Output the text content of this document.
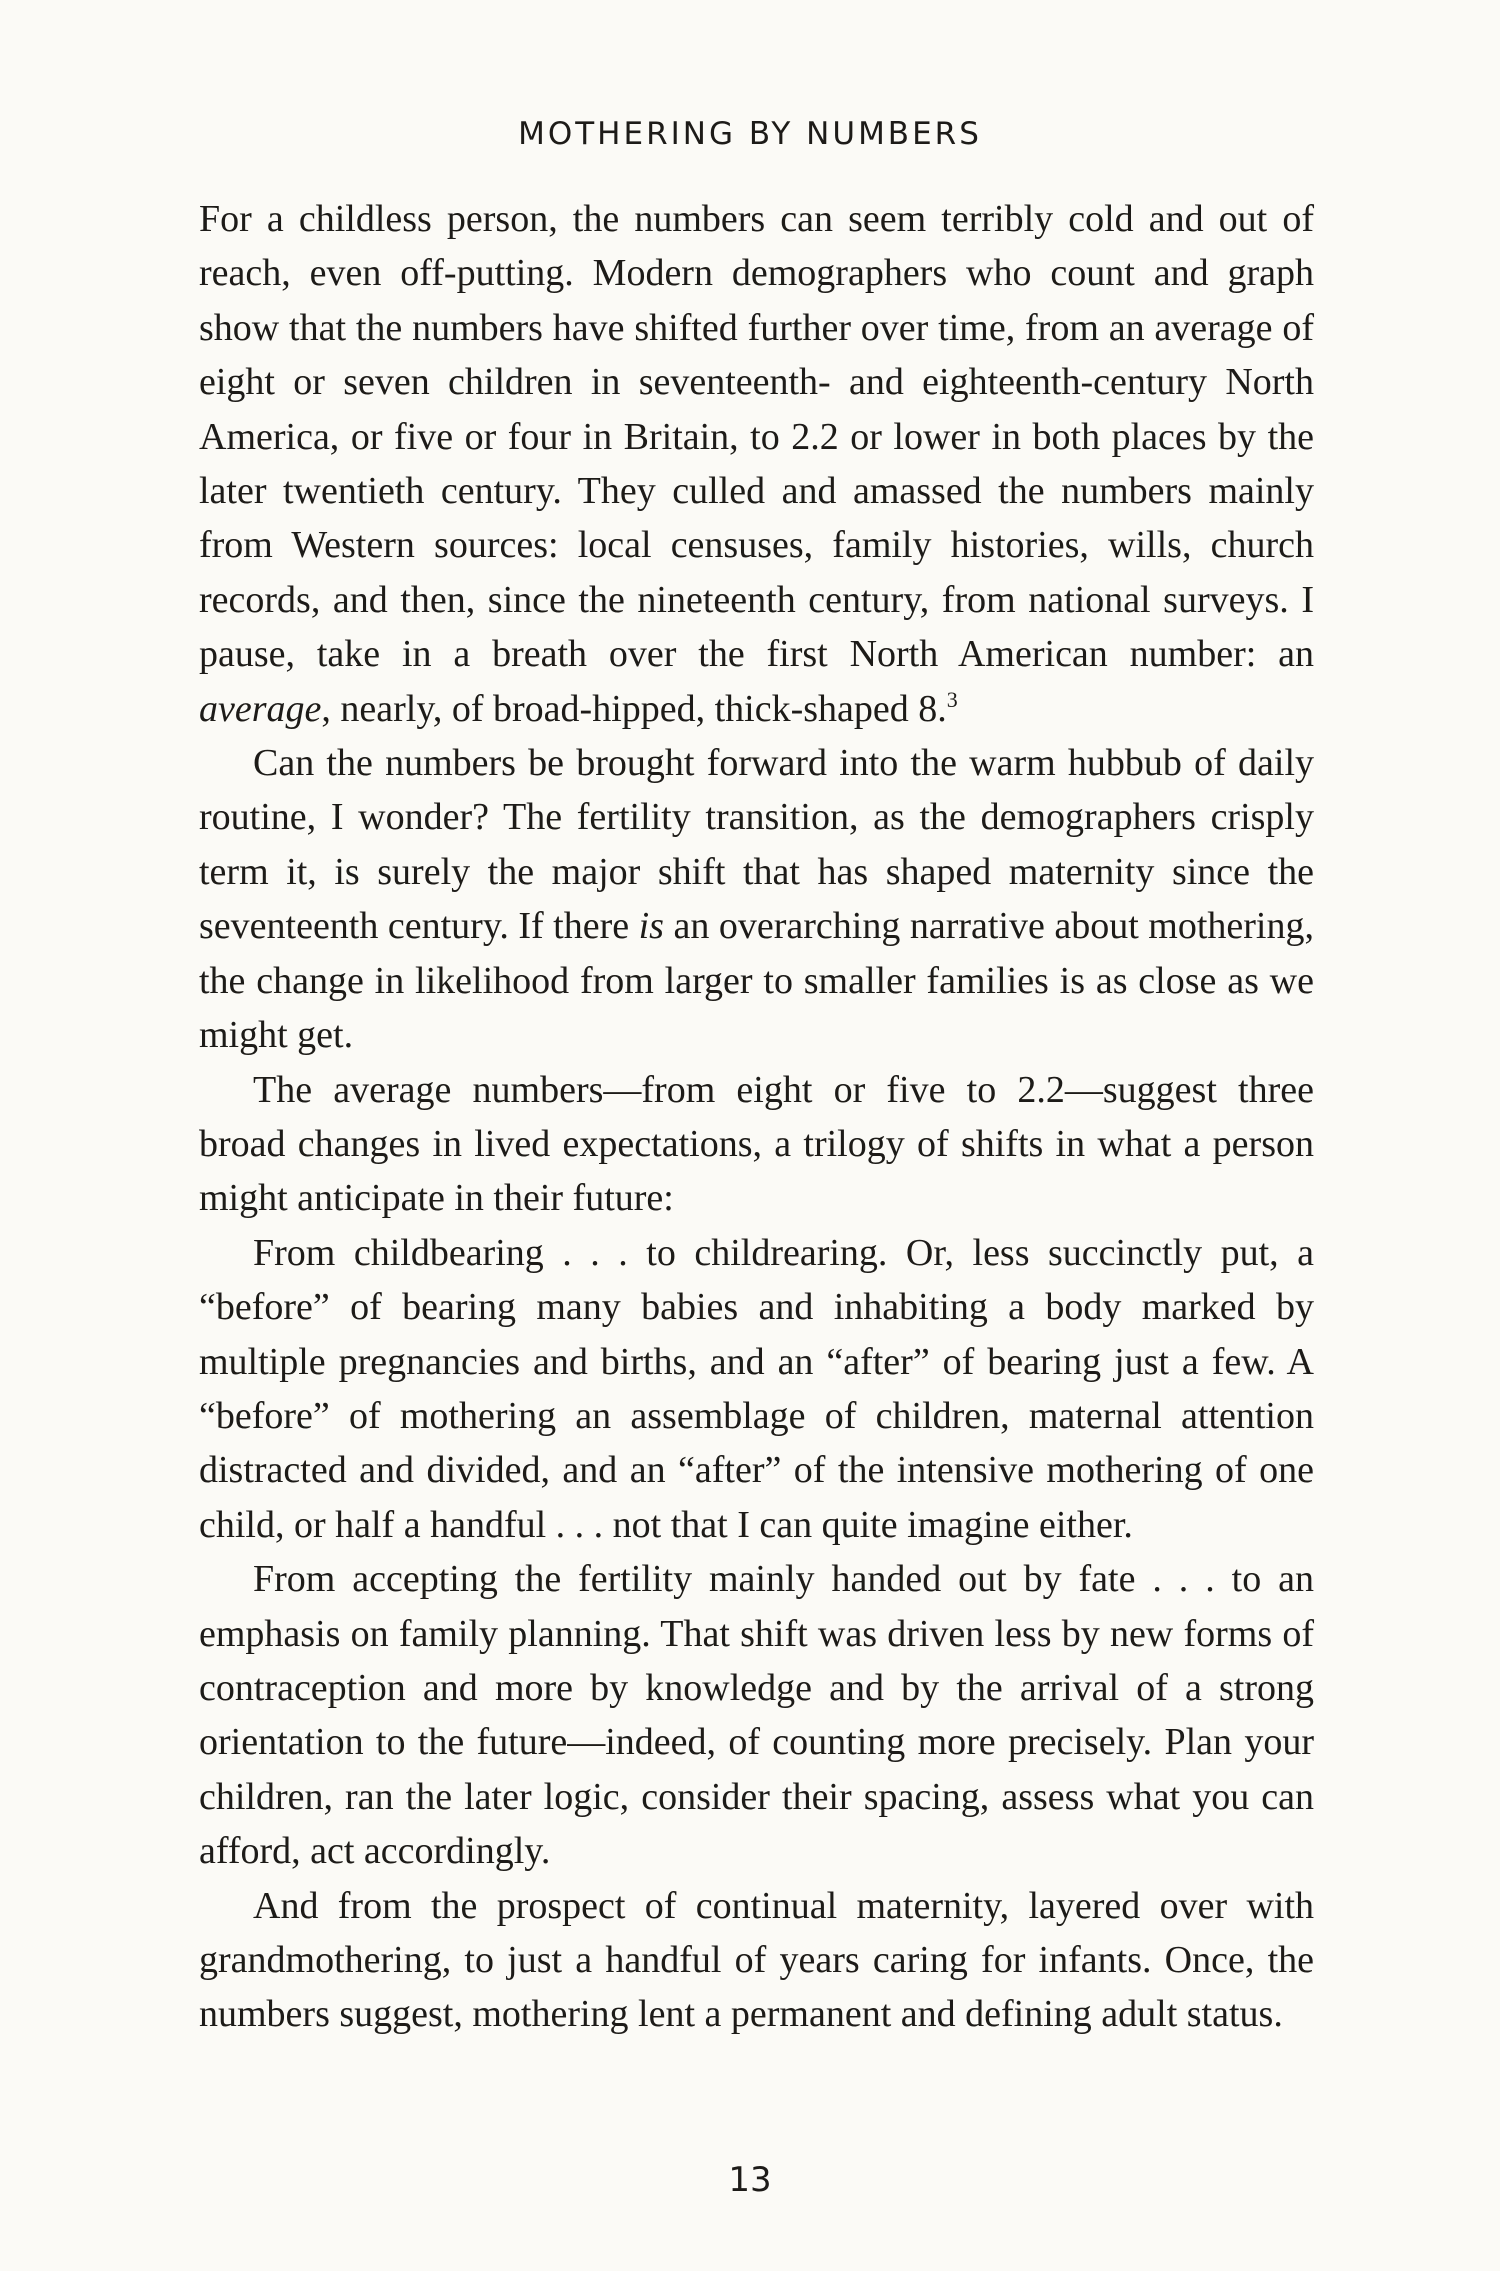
MOTHERING BY NUMBERS

For a childless person, the numbers can seem terribly cold and out of reach, even off-putting. Modern demographers who count and graph show that the numbers have shifted further over time, from an average of eight or seven children in seventeenth- and eighteenth-century North America, or five or four in Britain, to 2.2 or lower in both places by the later twentieth century. They culled and amassed the numbers mainly from Western sources: local censuses, family histories, wills, church records, and then, since the nineteenth century, from national surveys. I pause, take in a breath over the first North American number: an average, nearly, of broad-hipped, thick-shaped 8.$^3$

Can the numbers be brought forward into the warm hubbub of daily routine, I wonder? The fertility transition, as the demographers crisply term it, is surely the major shift that has shaped maternity since the seventeenth century. If there is an overarching narrative about mothering, the change in likelihood from larger to smaller families is as close as we might get.

The average numbers—from eight or five to 2.2—suggest three broad changes in lived expectations, a trilogy of shifts in what a person might anticipate in their future:

From childbearing . . . to childrearing. Or, less succinctly put, a “before” of bearing many babies and inhabiting a body marked by multiple pregnancies and births, and an “after” of bearing just a few. A “before” of mothering an assemblage of children, maternal attention distracted and divided, and an “after” of the intensive mothering of one child, or half a handful . . . not that I can quite imagine either.

From accepting the fertility mainly handed out by fate . . . to an emphasis on family planning. That shift was driven less by new forms of contraception and more by knowledge and by the arrival of a strong orientation to the future—indeed, of counting more precisely. Plan your children, ran the later logic, consider their spacing, assess what you can afford, act accordingly.

And from the prospect of continual maternity, layered over with grandmothering, to just a handful of years caring for infants. Once, the numbers suggest, mothering lent a permanent and defining adult status.

13
